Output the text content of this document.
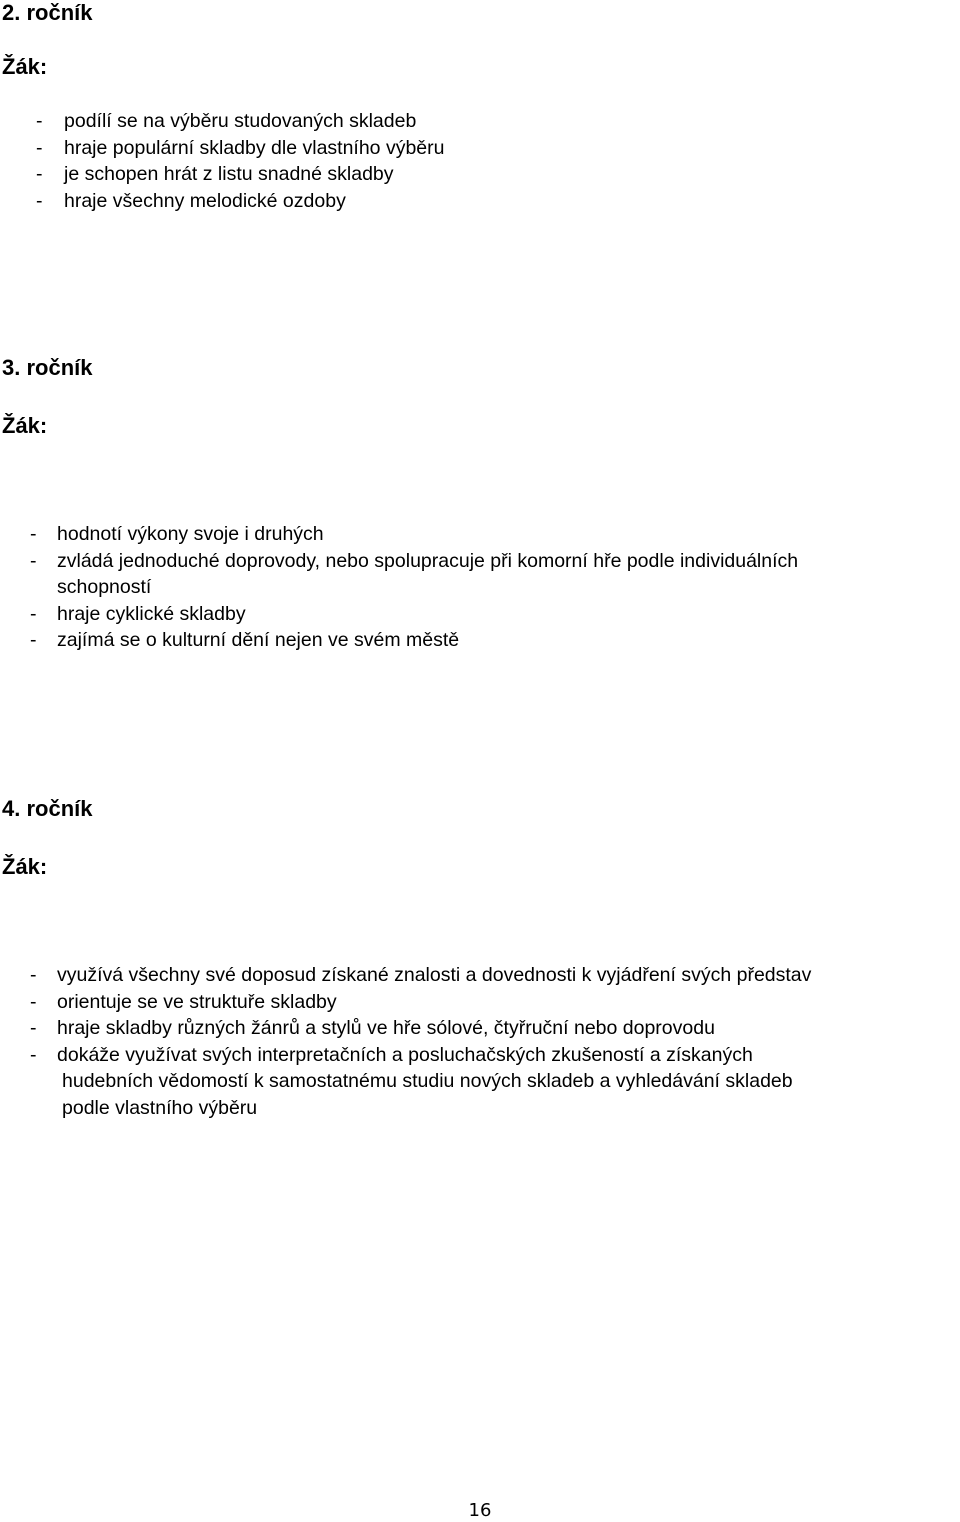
2. ročník
Žák:
- podílí se na výběru studovaných skladeb
- hraje populární skladby dle vlastního výběru
- je schopen hrát z listu snadné skladby
- hraje všechny melodické ozdoby
3. ročník
Žák:
- hodnotí výkony svoje i druhých
- zvládá jednoduché doprovody, nebo spolupracuje při komorní hře podle individuálních
schopností
- hraje cyklické skladby
- zajímá se o kulturní dění nejen ve svém městě
4. ročník
Žák:
- využívá všechny své doposud získané znalosti a dovednosti k vyjádření svých představ
- orientuje se ve struktuře skladby
- hraje skladby různých žánrů a stylů ve hře sólové, čtyřruční nebo doprovodu
- dokáže využívat svých interpretačních a posluchačských zkušeností a získaných
hudebních vědomostí k samostatnému studiu nových skladeb a vyhledávání skladeb
podle vlastního výběru
16
